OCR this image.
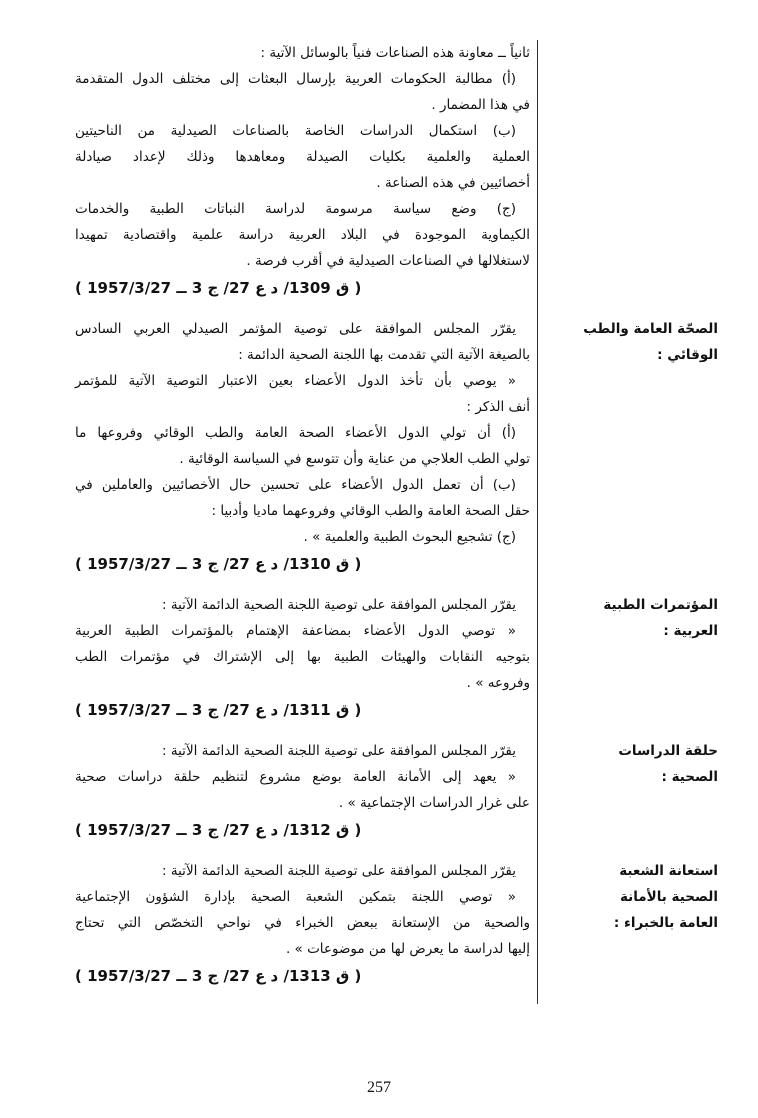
ثانياً ــ معاونة هذه الصناعات فنياً بالوسائل الآتية :
(أ) مطالبة الحكومات العربية بإرسال البعثات إلى مختلف الدول المتقدمة
في هذا المضمار .
(ب) استكمال الدراسات الخاصة بالصناعات الصيدلية من الناحيتين
العملية والعلمية بكليات الصيدلة ومعاهدها وذلك لإعداد صيادلة
أخصائيين في هذه الصناعة .
(ج) وضع سياسة مرسومة لدراسة النباتات الطبية والخدمات
الكيماوية الموجودة في البلاد العربية دراسة علمية واقتصادية تمهيدا
لاستغلالها في الصناعات الصيدلية في أقرب فرصة .
( ق 1309/ د ع 27/ ج 3 ــ 1957/3/27 )
يقرّر المجلس الموافقة على توصية المؤتمر الصيدلي العربي السادس
بالصيغة الآتية التي تقدمت بها اللجنة الصحية الدائمة :
« يوصي بأن تأخذ الدول الأعضاء بعين الاعتبار التوصية الآتية للمؤتمر
أنف الذكر :
(أ) أن تولي الدول الأعضاء الصحة العامة والطب الوقائي وفروعها ما
تولي الطب العلاجي من عناية وأن تتوسع في السياسة الوقائية .
(ب) أن تعمل الدول الأعضاء على تحسين حال الأخصائيين والعاملين في
حقل الصحة العامة والطب الوقائي وفروعهما ماديا وأدبيا :
(ج) تشجيع البحوث الطبية والعلمية » .
( ق 1310/ د ع 27/ ج 3 ــ 1957/3/27 )
الصحّة العامة والطب
الوقائي :
يقرّر المجلس الموافقة على توصية اللجنة الصحية الدائمة الآتية :
« توصي الدول الأعضاء بمضاعفة الإهتمام بالمؤتمرات الطبية العربية
بتوجيه النقابات والهيئات الطبية بها إلى الإشتراك في مؤتمرات الطب
وفروعه » .
( ق 1311/ د ع 27/ ج 3 ــ 1957/3/27 )
المؤتمرات الطبية
العربية :
يقرّر المجلس الموافقة على توصية اللجنة الصحية الدائمة الآتية :
« يعهد إلى الأمانة العامة بوضع مشروع لتنظيم حلقة دراسات صحية
على غرار الدراسات الإجتماعية » .
( ق 1312/ د ع 27/ ج 3 ــ 1957/3/27 )
حلقة الدراسات
الصحية :
يقرّر المجلس الموافقة على توصية اللجنة الصحية الدائمة الآتية :
« توصي اللجنة بتمكين الشعبة الصحية بإدارة الشؤون الإجتماعية
والصحية من الإستعانة ببعض الخبراء في نواحي التخصّص التي تحتاج
إليها لدراسة ما يعرض لها من موضوعات » .
( ق 1313/ د ع 27/ ج 3 ــ 1957/3/27 )
استعانة الشعبة
الصحية بالأمانة
العامة بالخبراء :
257
